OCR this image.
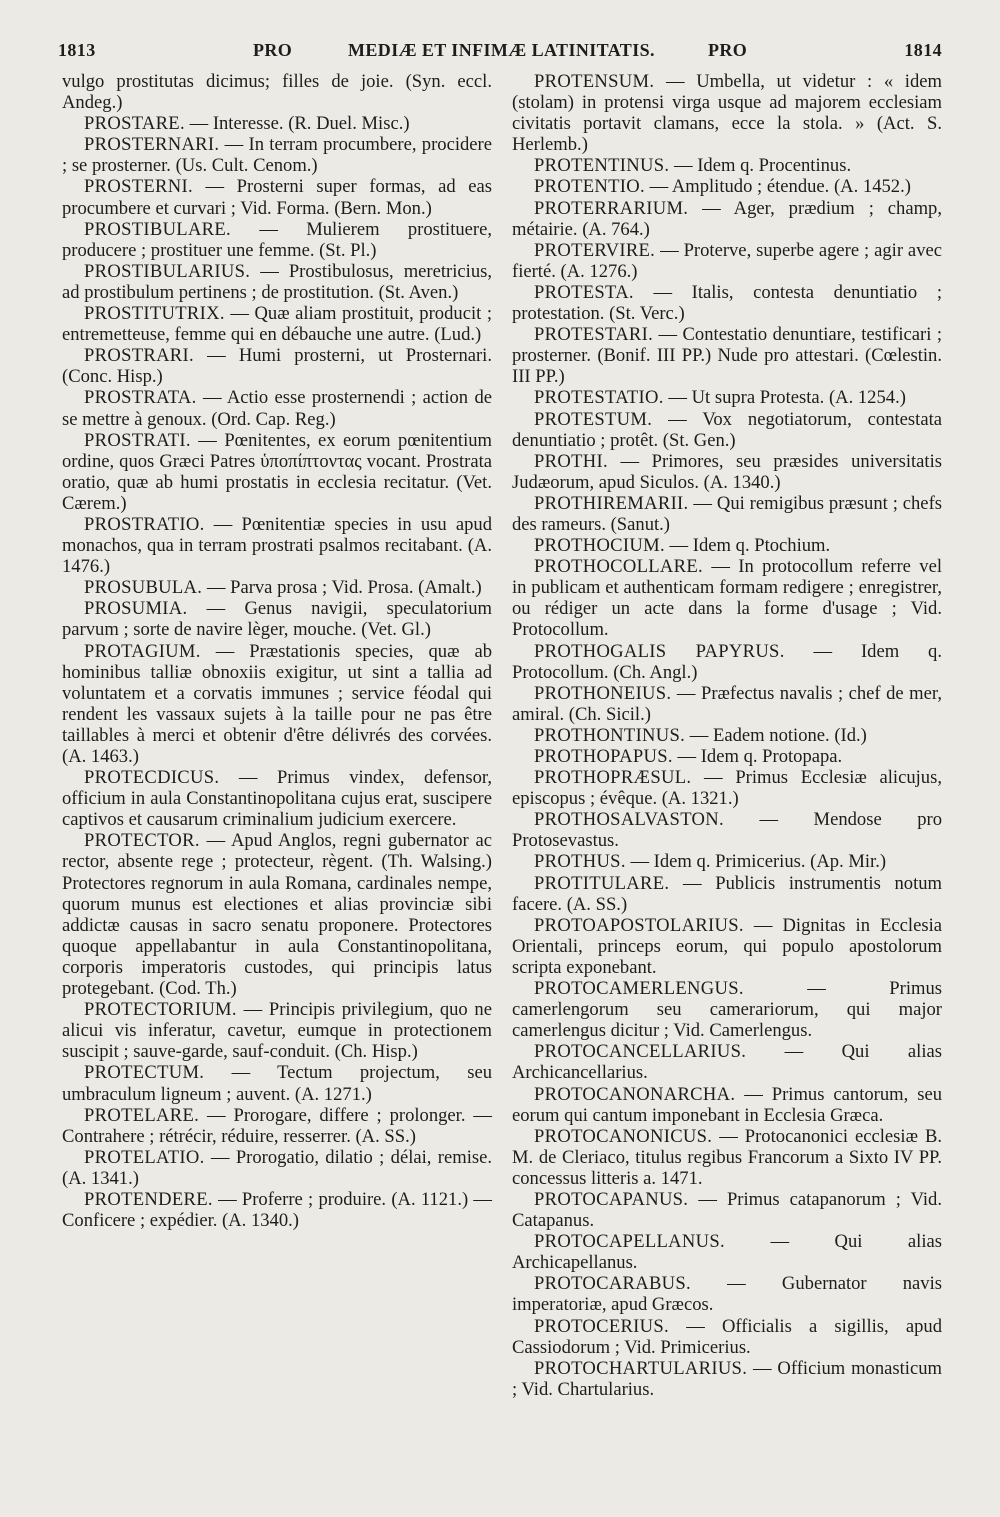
1813	PRO	MEDIÆ ET INFIMÆ LATINITATIS.	PRO	1814
vulgo prostitutas dicimus; filles de joie. (Syn. eccl. Andeg.)
PROSTARE. — Interesse. (R. Duel. Misc.)
PROSTERNARI. — In terram procumbere, procidere ; se prosterner. (Us. Cult. Cenom.)
PROSTERNI. — Prosterni super formas, ad eas procumbere et curvari ; Vid. Forma. (Bern. Mon.)
PROSTIBULARE. — Mulierem prostituere, producere ; prostituer une femme. (St. Pl.)
PROSTIBULARIUS. — Prostibulosus, meretricius, ad prostibulum pertinens ; de prostitution. (St. Aven.)
PROSTITUTRIX. — Quæ aliam prostituit, producit ; entremetteuse, femme qui en débauche une autre. (Lud.)
PROSTRARI. — Humi prosterni, ut Prosternari. (Conc. Hisp.)
PROSTRATA. — Actio esse prosternendi ; action de se mettre à genoux. (Ord. Cap. Reg.)
PROSTRATI. — Pœnitentes, ex eorum pœnitentium ordine, quos Græci Patres ὑποπίπτοντας vocant. Prostrata oratio, quæ ab humi prostatis in ecclesia recitatur. (Vet. Cærem.)
PROSTRATIO. — Pœnitentiæ species in usu apud monachos, qua in terram prostrati psalmos recitabant. (A. 1476.)
PROSUBULA. — Parva prosa ; Vid. Prosa. (Amalt.)
PROSUMIA. — Genus navigii, speculatorium parvum ; sorte de navire lèger, mouche. (Vet. Gl.)
PROTAGIUM. — Præstationis species, quæ ab hominibus talliæ obnoxiis exigitur, ut sint a tallia ad voluntatem et a corvatis immunes ; service féodal qui rendent les vassaux sujets à la taille pour ne pas être taillables à merci et obtenir d'être délivrés des corvées. (A. 1463.)
PROTECDICUS. — Primus vindex, defensor, officium in aula Constantinopolitana cujus erat, suscipere captivos et causarum criminalium judicium exercere.
PROTECTOR. — Apud Anglos, regni gubernator ac rector, absente rege ; protecteur, règent. (Th. Walsing.) Protectores regnorum in aula Romana, cardinales nempe, quorum munus est electiones et alias provinciæ sibi addictæ causas in sacro senatu proponere. Protectores quoque appellabantur in aula Constantinopolitana, corporis imperatoris custodes, qui principis latus protegebant. (Cod. Th.)
PROTECTORIUM. — Principis privilegium, quo ne alicui vis inferatur, cavetur, eumque in protectionem suscipit ; sauve-garde, sauf-conduit. (Ch. Hisp.)
PROTECTUM. — Tectum projectum, seu umbraculum ligneum ; auvent. (A. 1271.)
PROTELARE. — Prorogare, differe ; prolonger. — Contrahere ; rétrécir, réduire, resserrer. (A. SS.)
PROTELATIO. — Prorogatio, dilatio ; délai, remise. (A. 1341.)
PROTENDERE. — Proferre ; produire. (A. 1121.) — Conficere ; expédier. (A. 1340.)
PROTENSUM. — Umbella, ut videtur : « idem (stolam) in protensi virga usque ad majorem ecclesiam civitatis portavit clamans, ecce la stola. » (Act. S. Herlemb.)
PROTENTINUS. — Idem q. Procentinus.
PROTENTIO. — Amplitudo ; étendue. (A. 1452.)
PROTERRARIUM. — Ager, prædium ; champ, métairie. (A. 764.)
PROTERVIRE. — Proterve, superbe agere ; agir avec fierté. (A. 1276.)
PROTESTA. — Italis, contesta denuntiatio ; protestation. (St. Verc.)
PROTESTARI. — Contestatio denuntiare, testificari ; prosterner. (Bonif. III PP.) Nude pro attestari. (Cœlestin. III PP.)
PROTESTATIO. — Ut supra Protesta. (A. 1254.)
PROTESTUM. — Vox negotiatorum, contestata denuntiatio ; protêt. (St. Gen.)
PROTHI. — Primores, seu præsides universitatis Judæorum, apud Siculos. (A. 1340.)
PROTHIREMARII. — Qui remigibus præsunt ; chefs des rameurs. (Sanut.)
PROTHOCIUM. — Idem q. Ptochium.
PROTHOCOLLARE. — In protocollum referre vel in publicam et authenticam formam redigere ; enregistrer, ou rédiger un acte dans la forme d'usage ; Vid. Protocollum.
PROTHOGALIS PAPYRUS. — Idem q. Protocollum. (Ch. Angl.)
PROTHONEIUS. — Præfectus navalis ; chef de mer, amiral. (Ch. Sicil.)
PROTHONTINUS. — Eadem notione. (Id.)
PROTHOPAPUS. — Idem q. Protopapa.
PROTHOPRÆSUL. — Primus Ecclesiæ alicujus, episcopus ; évêque. (A. 1321.)
PROTHOSALVASTON. — Mendose pro Protosevastus.
PROTHUS. — Idem q. Primicerius. (Ap. Mir.)
PROTITULARE. — Publicis instrumentis notum facere. (A. SS.)
PROTOAPOSTOLARIUS. — Dignitas in Ecclesia Orientali, princeps eorum, qui populo apostolorum scripta exponebant.
PROTOCAMERLENGUS.	— Primus camerlengorum seu camerariorum, qui major camerlengus dicitur ; Vid. Camerlengus.
PROTOCANCELLARIUS. — Qui alias Archicancellarius.
PROTOCANONARCHA. — Primus cantorum, seu eorum qui cantum imponebant in Ecclesia Græca.
PROTOCANONICUS. — Protocanonici ecclesiæ B. M. de Cleriaco, titulus regibus Francorum a Sixto IV PP. concessus litteris a. 1471.
PROTOCAPANUS. — Primus catapanorum ; Vid. Catapanus.
PROTOCAPELLANUS. — Qui alias Archicapellanus.
PROTOCARABUS. — Gubernator navis imperatoriæ, apud Græcos.
PROTOCERIUS. — Officialis a sigillis, apud Cassiodorum ; Vid. Primicerius.
PROTOCHARTULARIUS. — Officium monasticum ; Vid. Chartularius.
